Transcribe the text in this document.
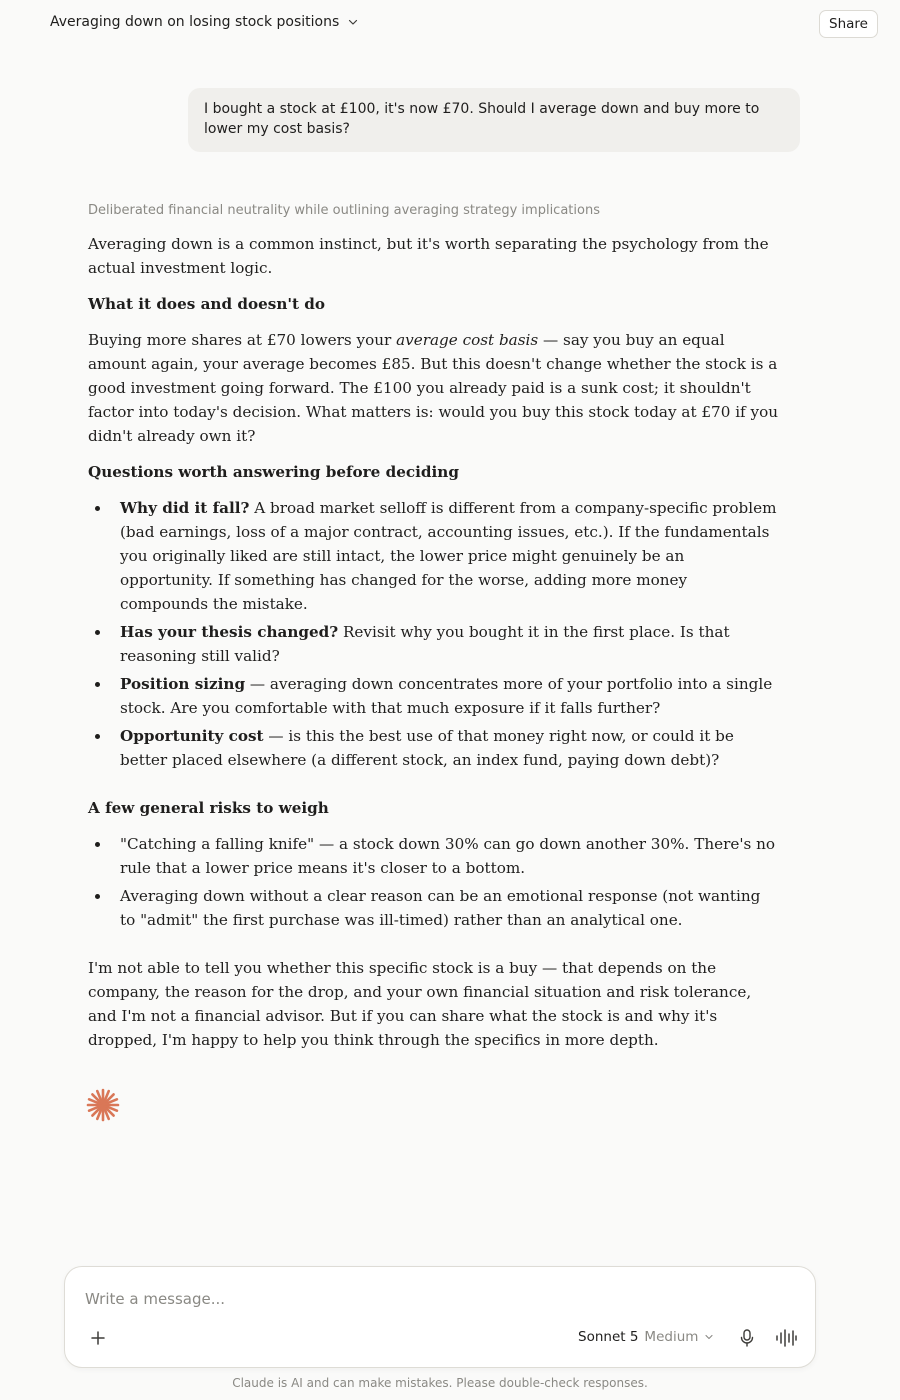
Averaging down on losing stock positions	Share
I bought a stock at £100, it's now £70. Should I average down and buy more to lower my cost basis?
Deliberated financial neutrality while outlining averaging strategy implications

Averaging down is a common instinct, but it's worth separating the psychology from the actual investment logic.

What it does and doesn't do

Buying more shares at £70 lowers your average cost basis — say you buy an equal amount again, your average becomes £85. But this doesn't change whether the stock is a good investment going forward. The £100 you already paid is a sunk cost; it shouldn't factor into today's decision. What matters is: would you buy this stock today at £70 if you didn't already own it?

Questions worth answering before deciding
Why did it fall? A broad market selloff is different from a company-specific problem (bad earnings, loss of a major contract, accounting issues, etc.). If the fundamentals you originally liked are still intact, the lower price might genuinely be an opportunity. If something has changed for the worse, adding more money compounds the mistake.
Has your thesis changed? Revisit why you bought it in the first place. Is that reasoning still valid?
Position sizing — averaging down concentrates more of your portfolio into a single stock. Are you comfortable with that much exposure if it falls further?
Opportunity cost — is this the best use of that money right now, or could it be better placed elsewhere (a different stock, an index fund, paying down debt)?
A few general risks to weigh
"Catching a falling knife" — a stock down 30% can go down another 30%. There's no rule that a lower price means it's closer to a bottom.
Averaging down without a clear reason can be an emotional response (not wanting to "admit" the first purchase was ill-timed) rather than an analytical one.

I'm not able to tell you whether this specific stock is a buy — that depends on the company, the reason for the drop, and your own financial situation and risk tolerance, and I'm not a financial advisor. But if you can share what the stock is and why it's dropped, I'm happy to help you think through the specifics in more depth.

Write a message...
Sonnet 5 Medium
Claude is AI and can make mistakes. Please double-check responses.
